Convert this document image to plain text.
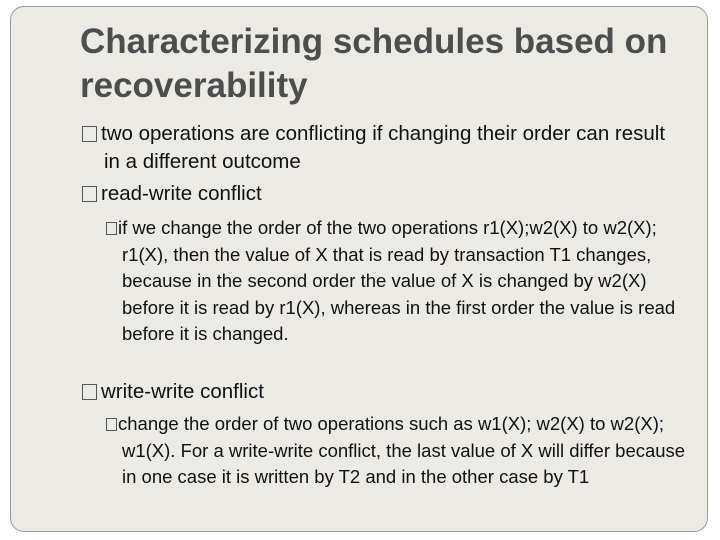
Characterizing schedules based on recoverability
two operations are conflicting if changing their order can result in a different outcome
read-write conflict
if we change the order of the two operations r1(X);w2(X) to w2(X); r1(X), then the value of X that is read by transaction T1 changes, because in the second order the value of X is changed by w2(X) before it is read by r1(X), whereas in the first order the value is read before it is changed.
write-write conflict
change the order of two operations such as w1(X); w2(X) to w2(X); w1(X). For a write-write conflict, the last value of X will differ because in one case it is written by T2 and in the other case by T1
